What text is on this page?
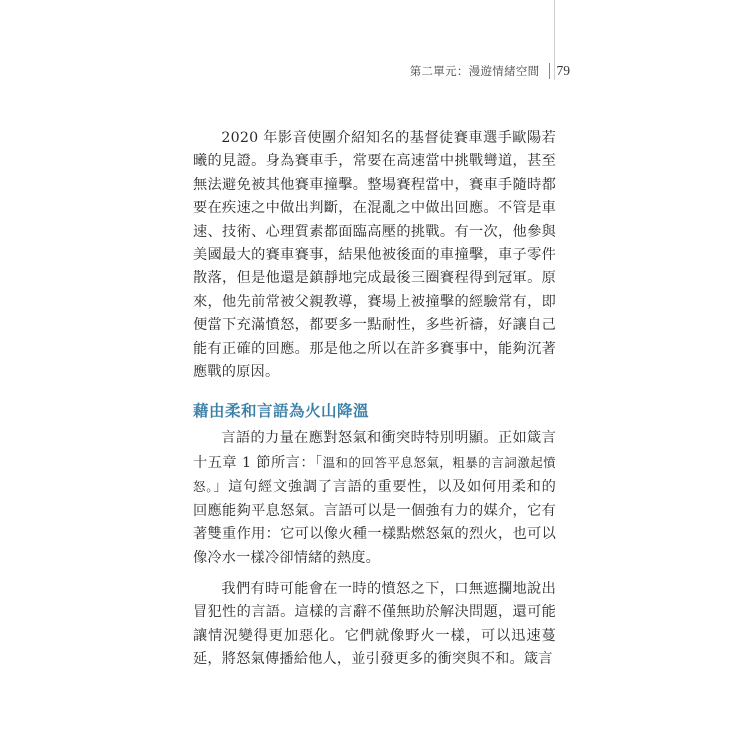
第二單元：漫遊情緒空間 79

2020 年影音使團介紹知名的基督徒賽車選手歐陽若曦的見證。身為賽車手，常要在高速當中挑戰彎道，甚至無法避免被其他賽車撞擊。整場賽程當中，賽車手隨時都要在疾速之中做出判斷，在混亂之中做出回應。不管是車速、技術、心理質素都面臨高壓的挑戰。有一次，他參與美國最大的賽車賽事，結果他被後面的車撞擊，車子零件散落，但是他還是鎮靜地完成最後三圈賽程得到冠軍。原來，他先前常被父親教導，賽場上被撞擊的經驗常有，即便當下充滿憤怒，都要多一點耐性，多些祈禱，好讓自己能有正確的回應。那是他之所以在許多賽事中，能夠沉著應戰的原因。

藉由柔和言語為火山降溫

言語的力量在應對怒氣和衝突時特別明顯。正如箴言十五章 1 節所言：「溫和的回答平息怒氣，粗暴的言詞激起憤怒。」這句經文強調了言語的重要性，以及如何用柔和的回應能夠平息怒氣。言語可以是一個強有力的媒介，它有著雙重作用：它可以像火種一樣點燃怒氣的烈火，也可以像冷水一樣冷卻情緒的熱度。

我們有時可能會在一時的憤怒之下，口無遮攔地說出冒犯性的言語。這樣的言辭不僅無助於解決問題，還可能讓情況變得更加惡化。它們就像野火一樣，可以迅速蔓延，將怒氣傳播給他人，並引發更多的衝突與不和。箴言
